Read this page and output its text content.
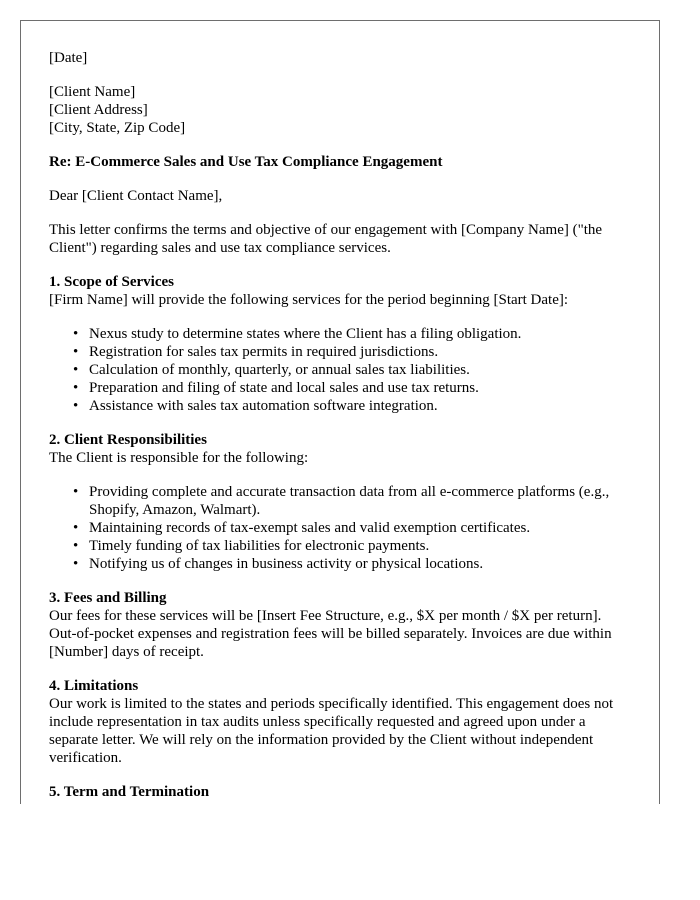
[Date]
[Client Name]
[Client Address]
[City, State, Zip Code]
Re: E-Commerce Sales and Use Tax Compliance Engagement
Dear [Client Contact Name],
This letter confirms the terms and objective of our engagement with [Company Name] ("the Client") regarding sales and use tax compliance services.
1. Scope of Services

[Firm Name] will provide the following services for the period beginning [Start Date]:

• Nexus study to determine states where the Client has a filing obligation.
• Registration for sales tax permits in required jurisdictions.
• Calculation of monthly, quarterly, or annual sales tax liabilities.
• Preparation and filing of state and local sales and use tax returns.
• Assistance with sales tax automation software integration.
2. Client Responsibilities

The Client is responsible for the following:

• Providing complete and accurate transaction data from all e-commerce platforms (e.g., Shopify, Amazon, Walmart).
• Maintaining records of tax-exempt sales and valid exemption certificates.
• Timely funding of tax liabilities for electronic payments.
• Notifying us of changes in business activity or physical locations.
3. Fees and Billing

Our fees for these services will be [Insert Fee Structure, e.g., $X per month / $X per return]. Out-of-pocket expenses and registration fees will be billed separately. Invoices are due within [Number] days of receipt.

4. Limitations

Our work is limited to the states and periods specifically identified. This engagement does not include representation in tax audits unless specifically requested and agreed upon under a separate letter. We will rely on the information provided by the Client without independent verification.

5. Term and Termination
